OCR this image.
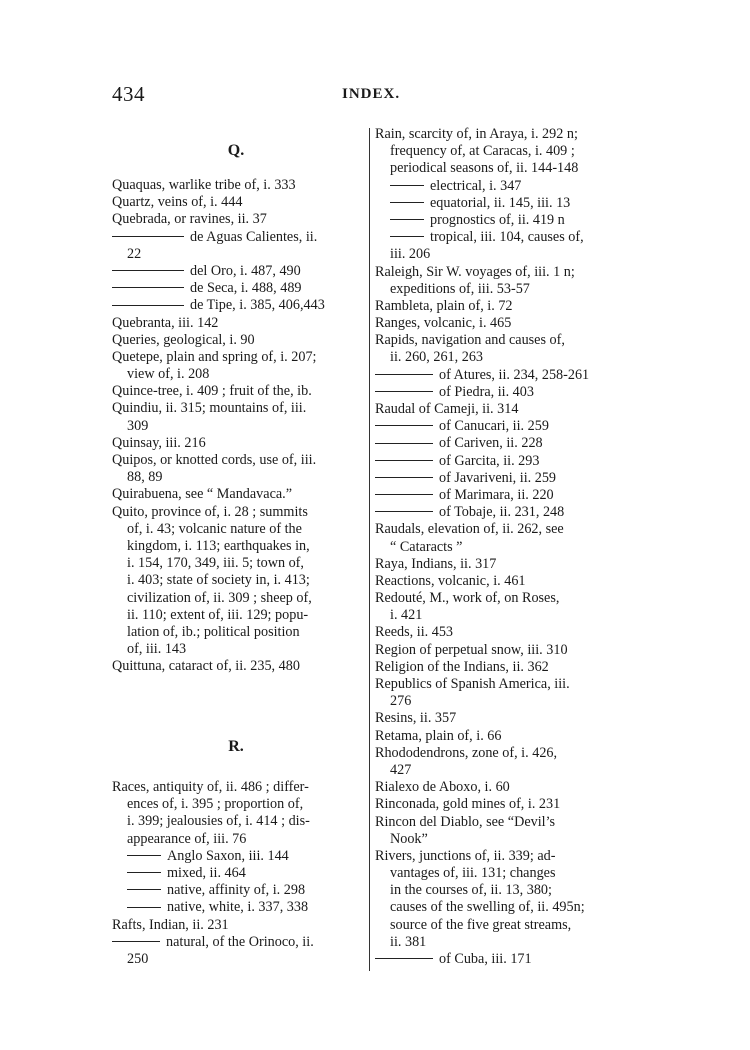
434	INDEX.
Q.
Quaquas, warlike tribe of, i. 333
Quartz, veins of, i. 444
Quebrada, or ravines, ii. 37
de Aguas Calientes, ii.
22
del Oro, i. 487, 490
de Seca, i. 488, 489
de Tipe, i. 385, 406,443
Quebranta, iii. 142
Queries, geological, i. 90
Quetepe, plain and spring of, i. 207;
view of, i. 208
Quince-tree, i. 409 ; fruit of the, ib.
Quindiu, ii. 315; mountains of, iii.
309
Quinsay, iii. 216
Quipos, or knotted cords, use of, iii.
88, 89
Quirabuena, see “ Mandavaca.”
Quito, province of, i. 28 ; summits
of, i. 43; volcanic nature of the
kingdom, i. 113; earthquakes in,
i. 154, 170, 349, iii. 5; town of,
i. 403; state of society in, i. 413;
civilization of, ii. 309 ; sheep of,
ii. 110; extent of, iii. 129; popu-
lation of, ib.; political position
of, iii. 143
Quittuna, cataract of, ii. 235, 480
R.
Races, antiquity of, ii. 486 ; differ-
ences of, i. 395 ; proportion of,
i. 399; jealousies of, i. 414 ; dis-
appearance of, iii. 76
Anglo Saxon, iii. 144
mixed, ii. 464
native, affinity of, i. 298
native, white, i. 337, 338
Rafts, Indian, ii. 231
natural, of the Orinoco, ii.
250
Rain, scarcity of, in Araya, i. 292 n;
frequency of, at Caracas, i. 409 ;
periodical seasons of, ii. 144-148
electrical, i. 347
equatorial, ii. 145, iii. 13
prognostics of, ii. 419 n
tropical, iii. 104, causes of,
iii. 206
Raleigh, Sir W. voyages of, iii. 1 n;
expeditions of, iii. 53-57
Rambleta, plain of, i. 72
Ranges, volcanic, i. 465
Rapids, navigation and causes of,
ii. 260, 261, 263
of Atures, ii. 234, 258-261
of Piedra, ii. 403
Raudal of Cameji, ii. 314
of Canucari, ii. 259
of Cariven, ii. 228
of Garcita, ii. 293
of Javariveni, ii. 259
of Marimara, ii. 220
of Tobaje, ii. 231, 248
Raudals, elevation of, ii. 262, see
“ Cataracts ”
Raya, Indians, ii. 317
Reactions, volcanic, i. 461
Redouté, M., work of, on Roses,
i. 421
Reeds, ii. 453
Region of perpetual snow, iii. 310
Religion of the Indians, ii. 362
Republics of Spanish America, iii.
276
Resins, ii. 357
Retama, plain of, i. 66
Rhododendrons, zone of, i. 426,
427
Rialexo de Aboxo, i. 60
Rinconada, gold mines of, i. 231
Rincon del Diablo, see “Devil’s
Nook”
Rivers, junctions of, ii. 339; ad-
vantages of, iii. 131; changes
in the courses of, ii. 13, 380;
causes of the swelling of, ii. 495n;
source of the five great streams,
ii. 381
of Cuba, iii. 171
